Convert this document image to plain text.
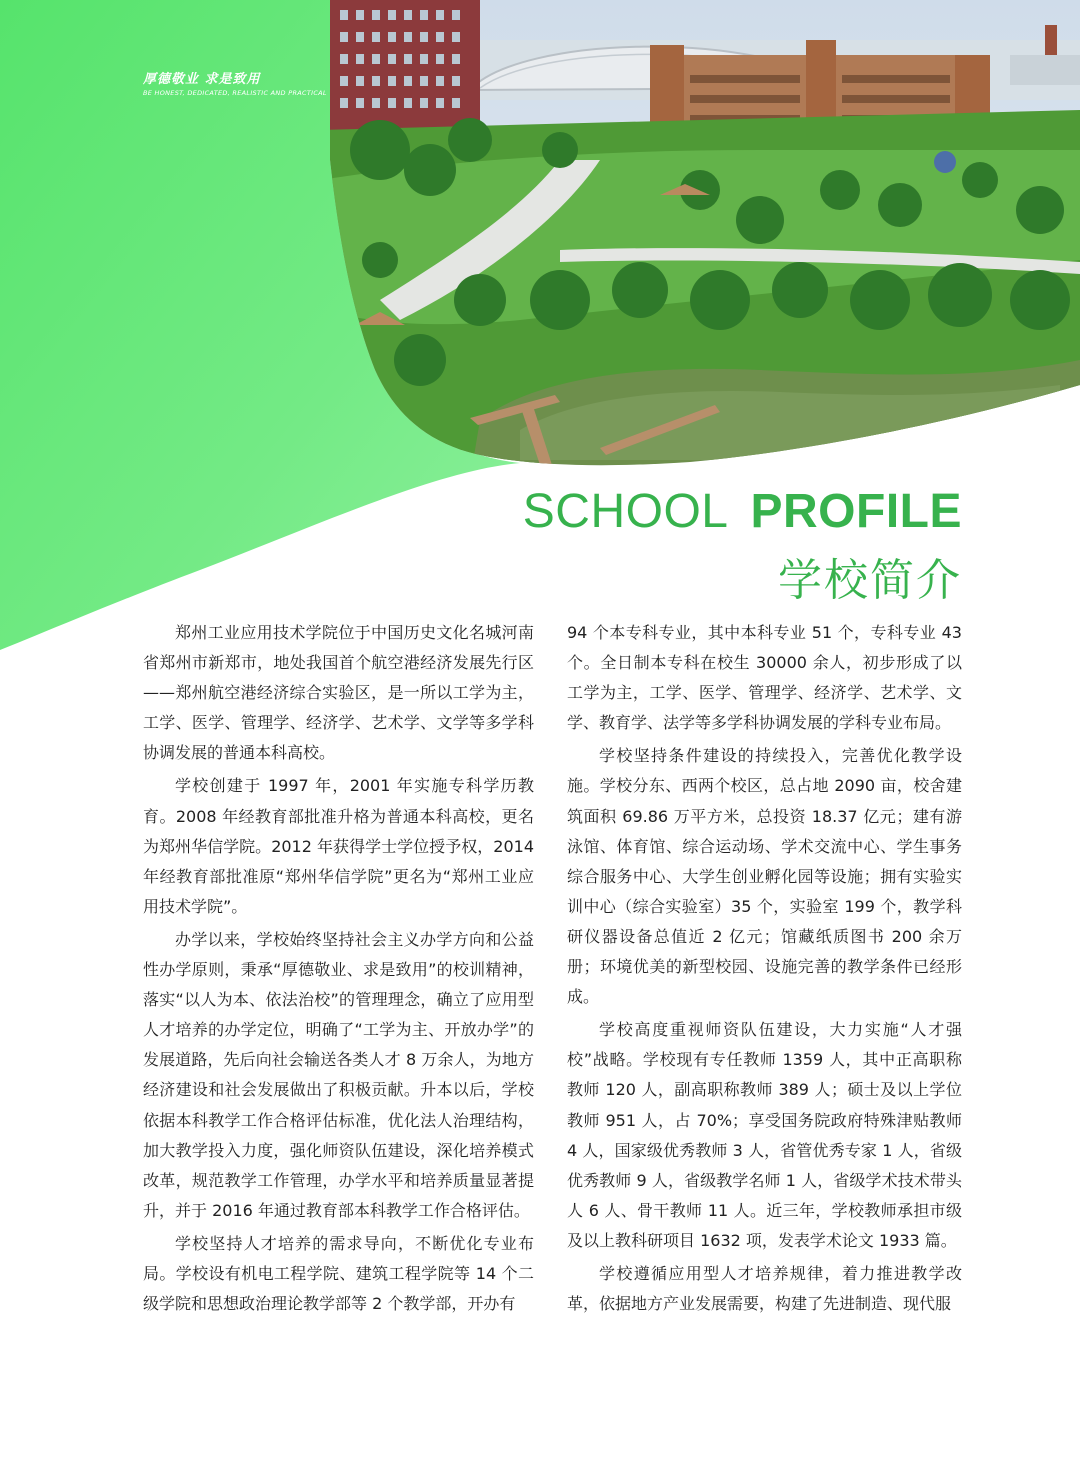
厚德敬业 求是致用
BE HONEST, DEDICATED, REALISTIC AND PRACTICAL
SCHOOL PROFILE
学校简介

郑州工业应用技术学院位于中国历史文化名城河南省郑州市新郑市，地处我国首个航空港经济发展先行区——郑州航空港经济综合实验区，是一所以工学为主，工学、医学、管理学、经济学、艺术学、文学等多学科协调发展的普通本科高校。

学校创建于 1997 年，2001 年实施专科学历教育。2008 年经教育部批准升格为普通本科高校，更名为郑州华信学院。2012 年获得学士学位授予权，2014 年经教育部批准原“郑州华信学院”更名为“郑州工业应用技术学院”。

办学以来，学校始终坚持社会主义办学方向和公益性办学原则，秉承“厚德敬业、求是致用”的校训精神，落实“以人为本、依法治校”的管理理念，确立了应用型人才培养的办学定位，明确了“工学为主、开放办学”的发展道路，先后向社会输送各类人才 8 万余人，为地方经济建设和社会发展做出了积极贡献。升本以后，学校依据本科教学工作合格评估标准，优化法人治理结构，加大教学投入力度，强化师资队伍建设，深化培养模式改革，规范教学工作管理，办学水平和培养质量显著提升，并于 2016 年通过教育部本科教学工作合格评估。

学校坚持人才培养的需求导向，不断优化专业布局。学校设有机电工程学院、建筑工程学院等 14 个二级学院和思想政治理论教学部等 2 个教学部，开办有

94 个本专科专业，其中本科专业 51 个，专科专业 43 个。全日制本专科在校生 30000 余人，初步形成了以工学为主，工学、医学、管理学、经济学、艺术学、文学、教育学、法学等多学科协调发展的学科专业布局。

学校坚持条件建设的持续投入，完善优化教学设施。学校分东、西两个校区，总占地 2090 亩，校舍建筑面积 69.86 万平方米，总投资 18.37 亿元；建有游泳馆、体育馆、综合运动场、学术交流中心、学生事务综合服务中心、大学生创业孵化园等设施；拥有实验实训中心（综合实验室）35 个，实验室 199 个，教学科研仪器设备总值近 2 亿元；馆藏纸质图书 200 余万册；环境优美的新型校园、设施完善的教学条件已经形成。

学校高度重视师资队伍建设，大力实施“人才强校”战略。学校现有专任教师 1359 人，其中正高职称教师 120 人，副高职称教师 389 人；硕士及以上学位教师 951 人，占 70%；享受国务院政府特殊津贴教师 4 人，国家级优秀教师 3 人，省管优秀专家 1 人，省级优秀教师 9 人，省级教学名师 1 人，省级学术技术带头人 6 人、骨干教师 11 人。近三年，学校教师承担市级及以上教科研项目 1632 项，发表学术论文 1933 篇。

学校遵循应用型人才培养规律，着力推进教学改革，依据地方产业发展需要，构建了先进制造、现代服
